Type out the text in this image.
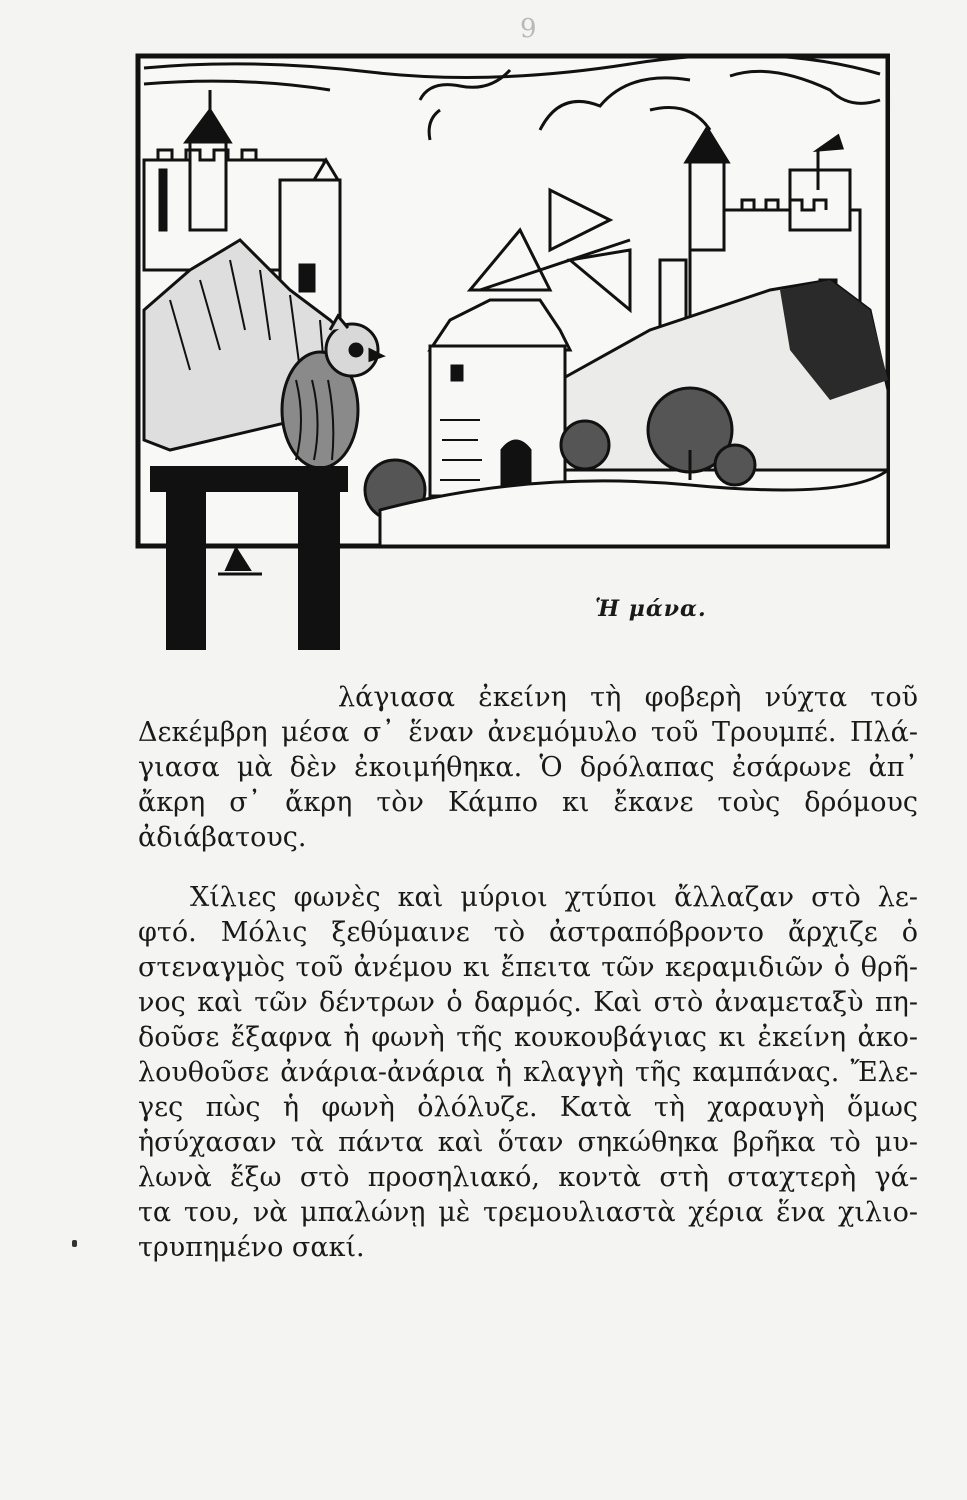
9
Ἡ μάνα.

λάγιασα ἐκείνη τὴ φοβερὴ νύχτα τοῦ
Δεκέμβρη μέσα σ᾽ ἕναν ἀνεμόμυλο τοῦ Τρουμπέ. Πλά-
γιασα μὰ δὲν ἐκοιμήθηκα. Ὁ δρόλαπας ἐσάρωνε ἀπ᾽
ἄκρη σ᾽ ἄκρη τὸν Κάμπο κι ἔκανε τοὺς δρόμους
ἀδιάβατους.

Χίλιες φωνὲς καὶ μύριοι χτύποι ἄλλαζαν στὸ λε-
φτό. Μόλις ξεθύμαινε τὸ ἀστραπόβροντο ἄρχιζε ὁ
στεναγμὸς τοῦ ἀνέμου κι ἔπειτα τῶν κεραμιδιῶν ὁ θρῆ-
νος καὶ τῶν δέντρων ὁ δαρμός. Καὶ στὸ ἀναμεταξὺ πη-
δοῦσε ἔξαφνα ἡ φωνὴ τῆς κουκουβάγιας κι ἐκείνη ἀκο-
λουθοῦσε ἀνάρια-ἀνάρια ἡ κλαγγὴ τῆς καμπάνας. Ἔλε-
γες πὼς ἡ φωνὴ ὀλόλυζε. Κατὰ τὴ χαραυγὴ ὅμως
ἡσύχασαν τὰ πάντα καὶ ὅταν σηκώθηκα βρῆκα τὸ μυ-
λωνὰ ἔξω στὸ προσηλιακό, κοντὰ στὴ σταχτερὴ γά-
τα του, νὰ μπαλώνῃ μὲ τρεμουλιαστὰ χέρια ἕνα χιλιο-
τρυπημένο σακί.
